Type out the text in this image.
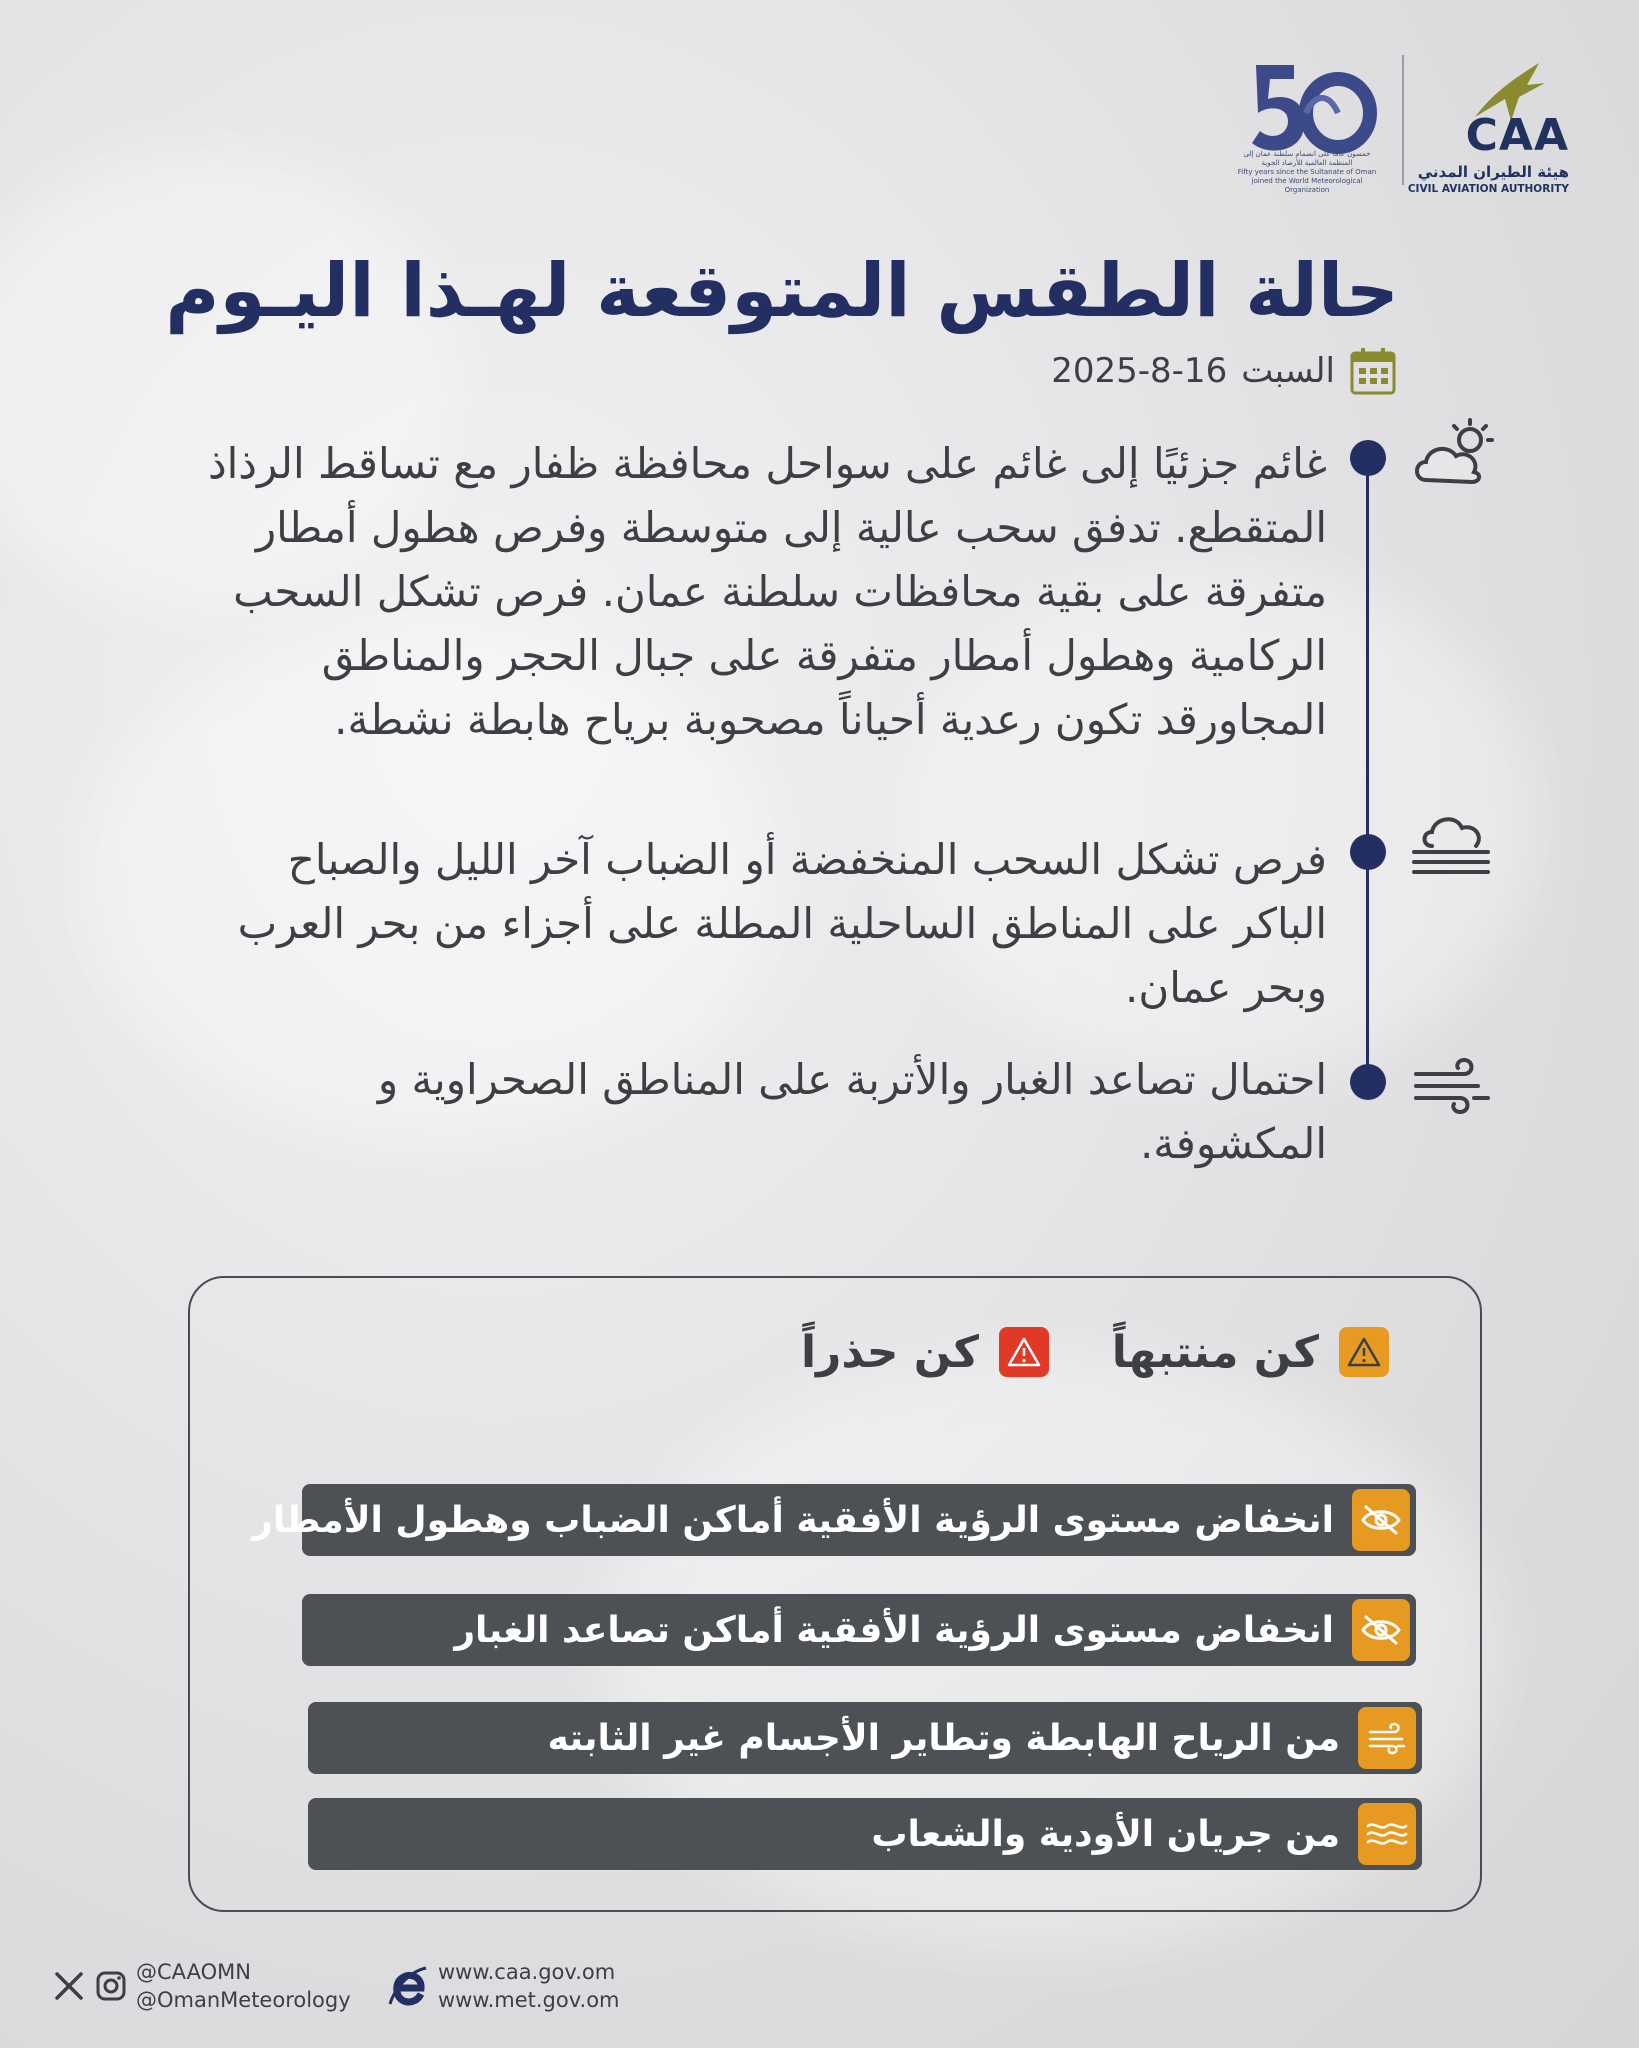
CAA
هيئة الطيران المدني
CIVIL AVIATION AUTHORITY
خمسون عاماً على انضمام سلطنة عمان إلى المنظمة العالمية للأرصاد الجوية
Fifty years since the Sultanate of Oman joined the World Meteorological Organization
حالة الطقس المتوقعة لهـذا اليـوم
السبت
2025-8-16
غائم جزئيًا إلى غائم على سواحل محافظة ظفار مع تساقط الرذاذ المتقطع. تدفق سحب عالية إلى متوسطة وفرص هطول أمطار متفرقة على بقية محافظات سلطنة عمان. فرص تشكل السحب الركامية وهطول أمطار متفرقة على جبال الحجر والمناطق المجاورقد تكون رعدية أحياناً مصحوبة برياح هابطة نشطة.
فرص تشكل السحب المنخفضة أو الضباب آخر الليل والصباح الباكر على المناطق الساحلية المطلة على أجزاء من بحر العرب وبحر عمان.
احتمال تصاعد الغبار والأتربة على المناطق الصحراوية و المكشوفة.
كن منتبهاً
كن حذراً
انخفاض مستوى الرؤية الأفقية أماكن الضباب وهطول الأمطار
انخفاض مستوى الرؤية الأفقية أماكن تصاعد الغبار
من الرياح الهابطة وتطاير الأجسام غير الثابته
من جريان الأودية والشعاب
@CAAOMN
@OmanMeteorology
www.caa.gov.om
www.met.gov.om
